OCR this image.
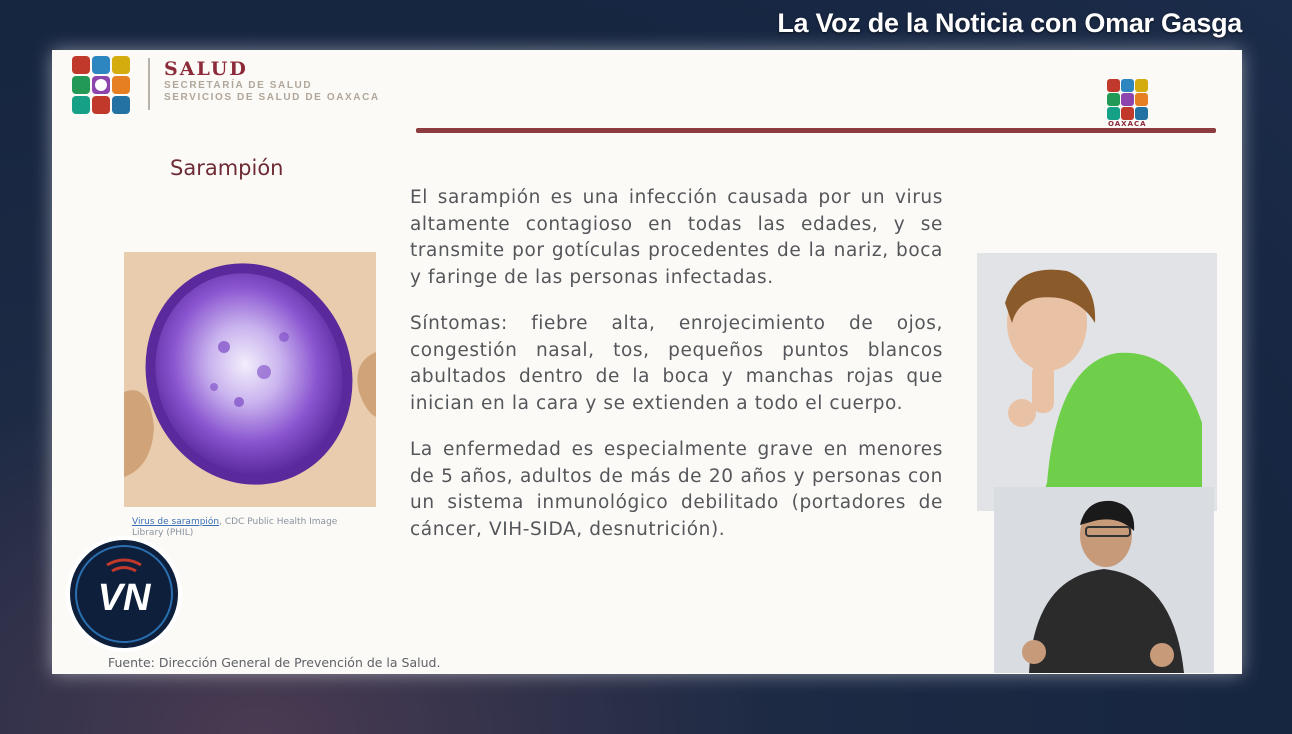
La Voz de la Noticia con Omar Gasga
SALUD
SECRETARÍA DE SALUD
SERVICIOS DE SALUD DE OAXACA
OAXACA
Sarampión
Virus de sarampión, CDC Public Health Image Library (PHIL)

El sarampión es una infección causada por un virus altamente contagioso en todas las edades, y se transmite por gotículas procedentes de la nariz, boca y faringe de las personas infectadas.

Síntomas: fiebre alta, enrojecimiento de ojos, congestión nasal, tos, pequeños puntos blancos abultados dentro de la boca y manchas rojas que inician en la cara y se extienden a todo el cuerpo.

La enfermedad es especialmente grave en menores de 5 años, adultos de más de 20 años y personas con un sistema inmunológico debilitado (portadores de cáncer, VIH-SIDA, desnutrición).

Fuente: Dirección General de Prevención de la Salud.
VN
